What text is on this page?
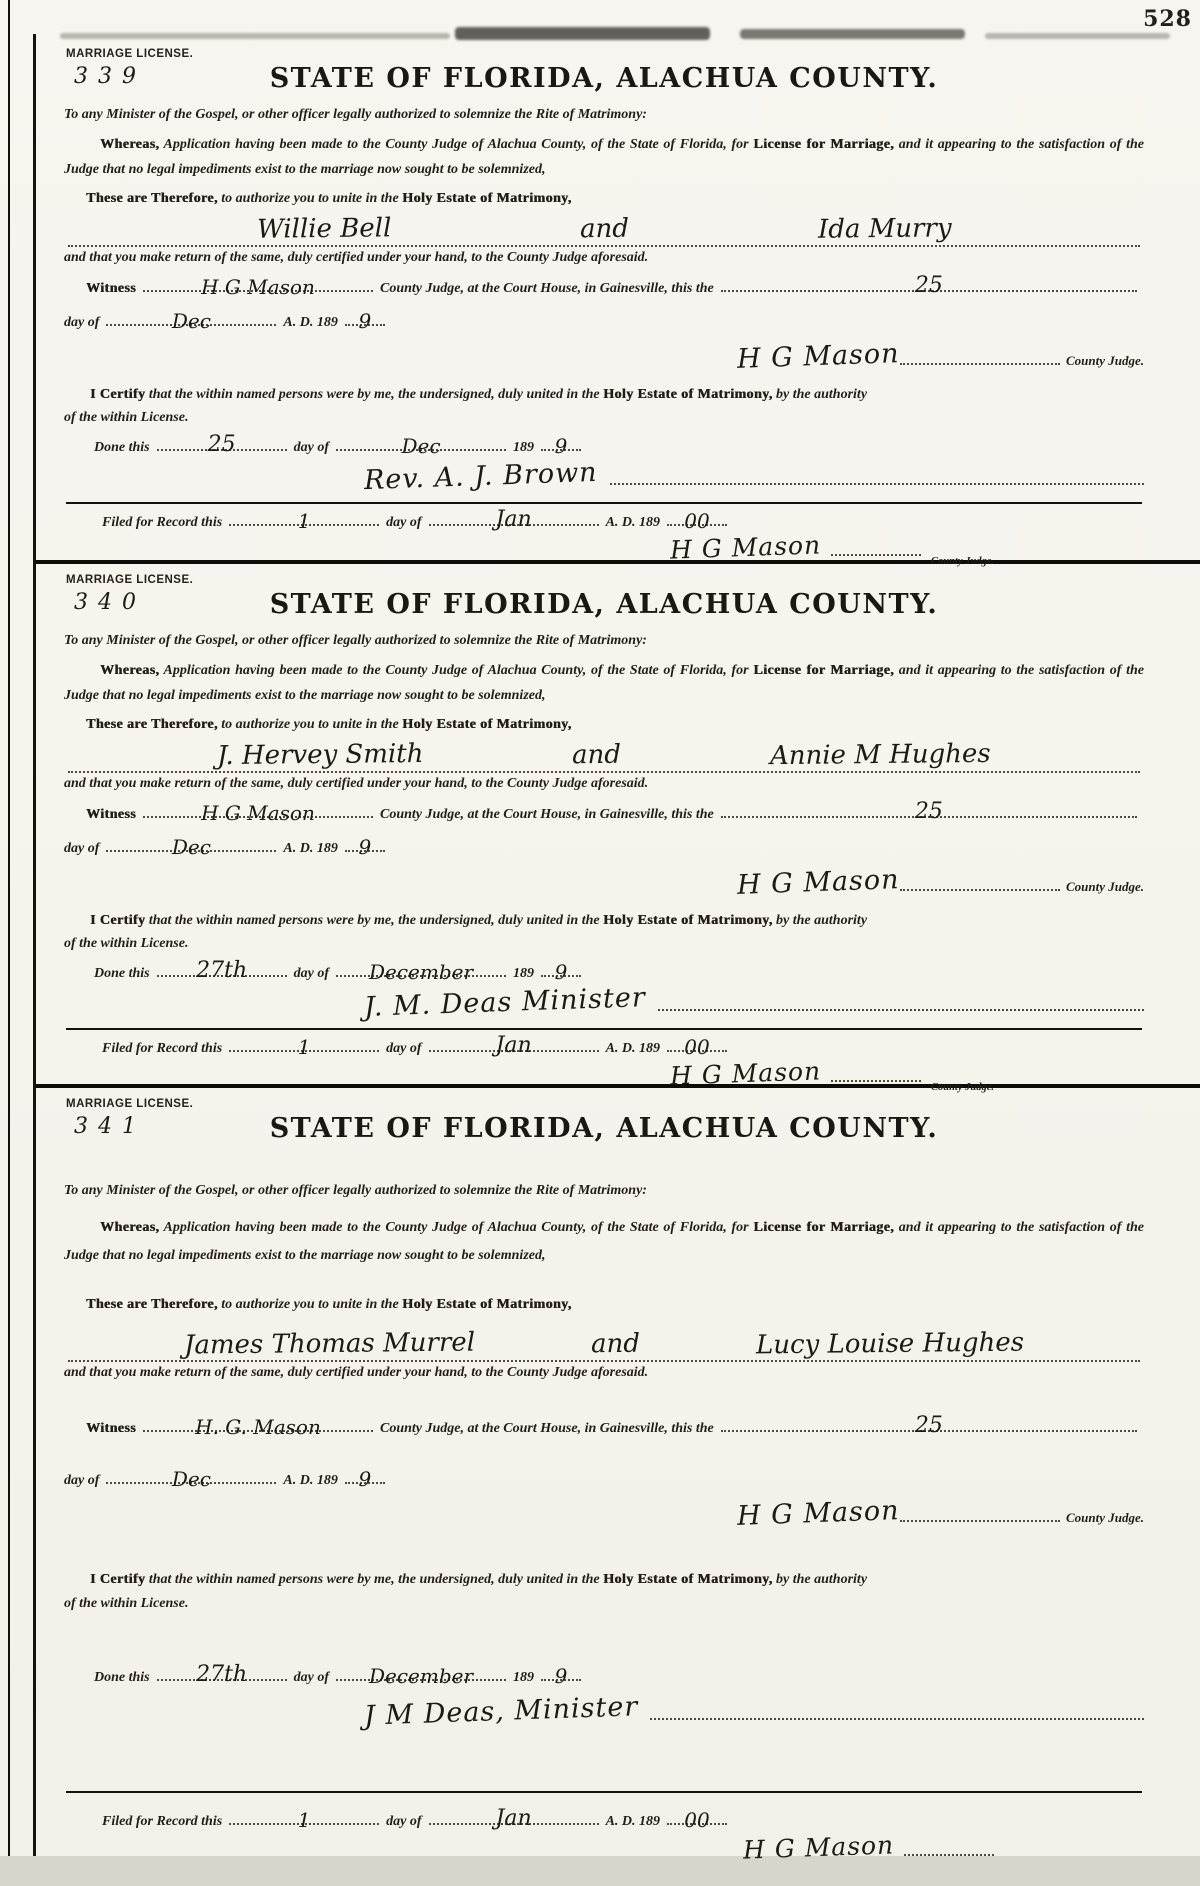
528
MARRIAGE LICENSE.
339	STATE OF FLORIDA, ALACHUA COUNTY.

To any Minister of the Gospel, or other officer legally authorized to solemnize the Rite of Matrimony:

Whereas, Application having been made to the County Judge of Alachua County, of the State of Florida, for License for Marriage, and it appearing to the satisfaction of the Judge that no legal impediments exist to the marriage now sought to be solemnized,

These are Therefore, to authorize you to unite in the Holy Estate of Matrimony,

Willie Bell	and	Ida Murry

and that you make return of the same, duly certified under your hand, to the County Judge aforesaid.

Witness	H G Mason	County Judge, at the Court House, in Gainesville, this the	25
day of	Dec	A. D. 189 9
H G Mason	County Judge.

I Certify that the within named persons were by me, the undersigned, duly united in the Holy Estate of Matrimony, by the authority

of the within License.

Done this	25	day of	Dec	189 9
Rev. A. J. Brown
Filed for Record this	1	day of	Jan	A. D. 189 00
H G Mason	County Judge.
MARRIAGE LICENSE.
340	STATE OF FLORIDA, ALACHUA COUNTY.

To any Minister of the Gospel, or other officer legally authorized to solemnize the Rite of Matrimony:

Whereas, Application having been made to the County Judge of Alachua County, of the State of Florida, for License for Marriage, and it appearing to the satisfaction of the Judge that no legal impediments exist to the marriage now sought to be solemnized,

These are Therefore, to authorize you to unite in the Holy Estate of Matrimony,

J. Hervey Smith	and	Annie M Hughes

and that you make return of the same, duly certified under your hand, to the County Judge aforesaid.

Witness	H G Mason	County Judge, at the Court House, in Gainesville, this the	25
day of	Dec	A. D. 189 9
H G Mason	County Judge.

I Certify that the within named persons were by me, the undersigned, duly united in the Holy Estate of Matrimony, by the authority

of the within License.

Done this 27th	day of December	189 9
J. M. Deas Minister
Filed for Record this	1	day of	Jan	A. D. 189 00
H G Mason	County Judge.
MARRIAGE LICENSE.
341	STATE OF FLORIDA, ALACHUA COUNTY.

To any Minister of the Gospel, or other officer legally authorized to solemnize the Rite of Matrimony:

Whereas, Application having been made to the County Judge of Alachua County, of the State of Florida, for License for Marriage, and it appearing to the satisfaction of the Judge that no legal impediments exist to the marriage now sought to be solemnized,

These are Therefore, to authorize you to unite in the Holy Estate of Matrimony,

James Thomas Murrel	and	Lucy Louise Hughes

and that you make return of the same, duly certified under your hand, to the County Judge aforesaid.

Witness	H. G. Mason	County Judge, at the Court House, in Gainesville, this the	25
day of	Dec	A. D. 189 9
H G Mason	County Judge.

I Certify that the within named persons were by me, the undersigned, duly united in the Holy Estate of Matrimony, by the authority

of the within License.

Done this 27th	day of December	189 9
J M Deas, Minister
Filed for Record this	1	day of	Jan	A. D. 189 00
H G Mason
